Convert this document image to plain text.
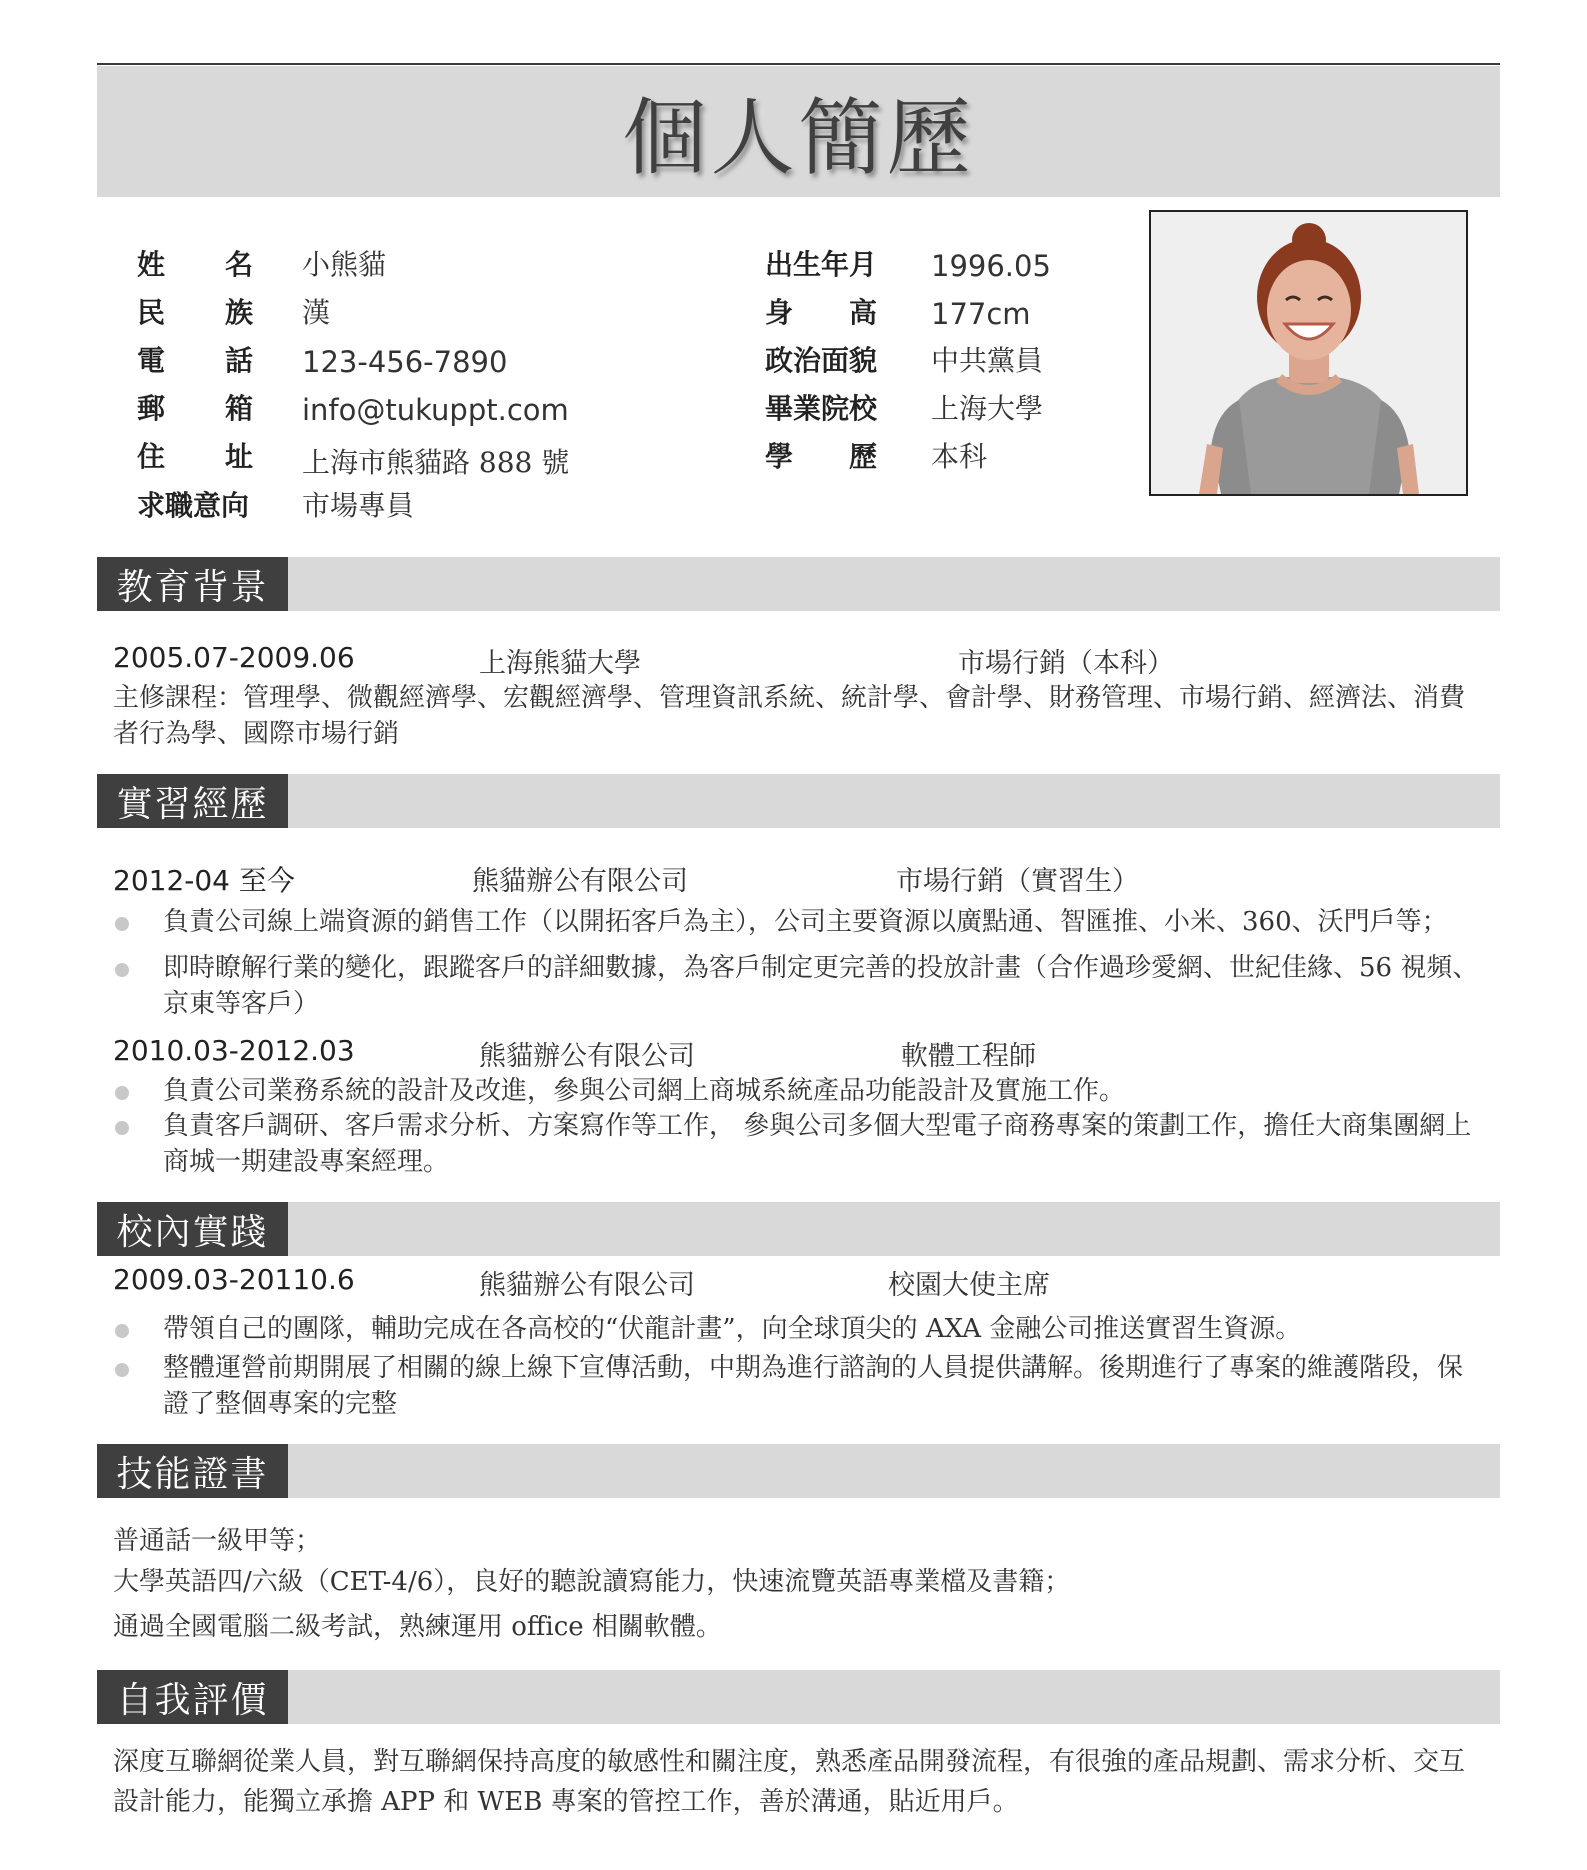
個人簡歷
姓 名 小熊貓
民 族 漢
電 話 123-456-7890
郵 箱 info@tukuppt.com
住 址 上海市熊貓路 888 號
求職意向 市場專員
出生年月 1996.05
身 高 177cm
政治面貌 中共黨員
畢業院校 上海大學
學 歷 本科
教育背景
2005.07-2009.06	上海熊貓大學	市場行銷（本科）
主修課程：管理學、微觀經濟學、宏觀經濟學、管理資訊系統、統計學、會計學、財務管理、市場行銷、經濟法、消費者行為學、國際市場行銷
實習經歷
2012-04 至今	熊貓辦公有限公司	市場行銷（實習生）
負責公司線上端資源的銷售工作（以開拓客戶為主），公司主要資源以廣點通、智匯推、小米、360、沃門戶等；
即時瞭解行業的變化，跟蹤客戶的詳細數據，為客戶制定更完善的投放計畫（合作過珍愛網、世紀佳緣、56 視頻、京東等客戶）
2010.03-2012.03	熊貓辦公有限公司	軟體工程師
負責公司業務系統的設計及改進，參與公司網上商城系統產品功能設計及實施工作。
負責客戶調研、客戶需求分析、方案寫作等工作， 參與公司多個大型電子商務專案的策劃工作，擔任大商集團網上商城一期建設專案經理。
校內實踐
2009.03-20110.6	熊貓辦公有限公司	校園大使主席
帶領自己的團隊，輔助完成在各高校的“伏龍計畫”，向全球頂尖的 AXA 金融公司推送實習生資源。
整體運營前期開展了相關的線上線下宣傳活動，中期為進行諮詢的人員提供講解。後期進行了專案的維護階段，保證了整個專案的完整
技能證書
普通話一級甲等；
大學英語四/六級（CET-4/6），良好的聽說讀寫能力，快速流覽英語專業檔及書籍；
通過全國電腦二級考試，熟練運用 office 相關軟體。
自我評價
深度互聯網從業人員，對互聯網保持高度的敏感性和關注度，熟悉產品開發流程，有很強的產品規劃、需求分析、交互設計能力，能獨立承擔 APP 和 WEB 專案的管控工作，善於溝通，貼近用戶。
